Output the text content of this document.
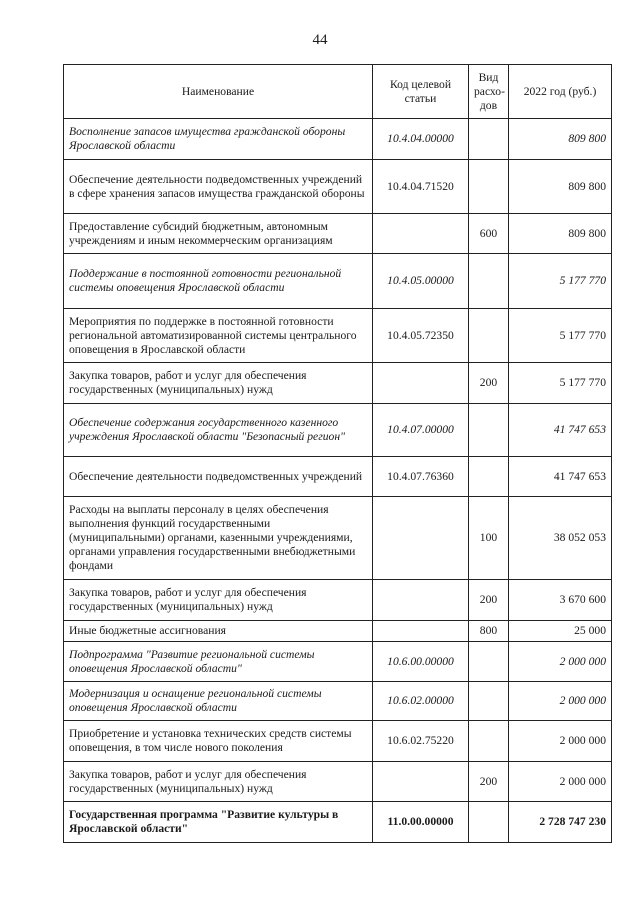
44
Наименование	Код целевой статьи	Вид расхо-дов	2022 год (руб.)
Восполнение запасов имущества гражданской обороны Ярославской области	10.4.04.00000		809 800
Обеспечение деятельности подведомственных учреждений в сфере хранения запасов имущества гражданской обороны	10.4.04.71520		809 800
Предоставление субсидий бюджетным, автономным учреждениям и иным некоммерческим организациям		600	809 800
Поддержание в постоянной готовности региональной системы оповещения Ярославской области	10.4.05.00000		5 177 770
Мероприятия по поддержке в постоянной готовности региональной автоматизированной системы центрального оповещения в Ярославской области	10.4.05.72350		5 177 770
Закупка товаров, работ и услуг для обеспечения государственных (муниципальных) нужд		200	5 177 770
Обеспечение содержания государственного казенного учреждения Ярославской области "Безопасный регион"	10.4.07.00000		41 747 653
Обеспечение деятельности подведомственных учреждений	10.4.07.76360		41 747 653
Расходы на выплаты персоналу в целях обеспечения выполнения функций государственными (муниципальными) органами, казенными учреждениями, органами управления государственными внебюджетными фондами		100	38 052 053
Закупка товаров, работ и услуг для обеспечения государственных (муниципальных) нужд		200	3 670 600
Иные бюджетные ассигнования		800	25 000
Подпрограмма "Развитие региональной системы оповещения Ярославской области"	10.6.00.00000		2 000 000
Модернизация и оснащение региональной системы оповещения Ярославской области	10.6.02.00000		2 000 000
Приобретение и установка технических средств системы оповещения, в том числе нового поколения	10.6.02.75220		2 000 000
Закупка товаров, работ и услуг для обеспечения государственных (муниципальных) нужд		200	2 000 000
Государственная программа "Развитие культуры в Ярославской области"	11.0.00.00000		2 728 747 230
